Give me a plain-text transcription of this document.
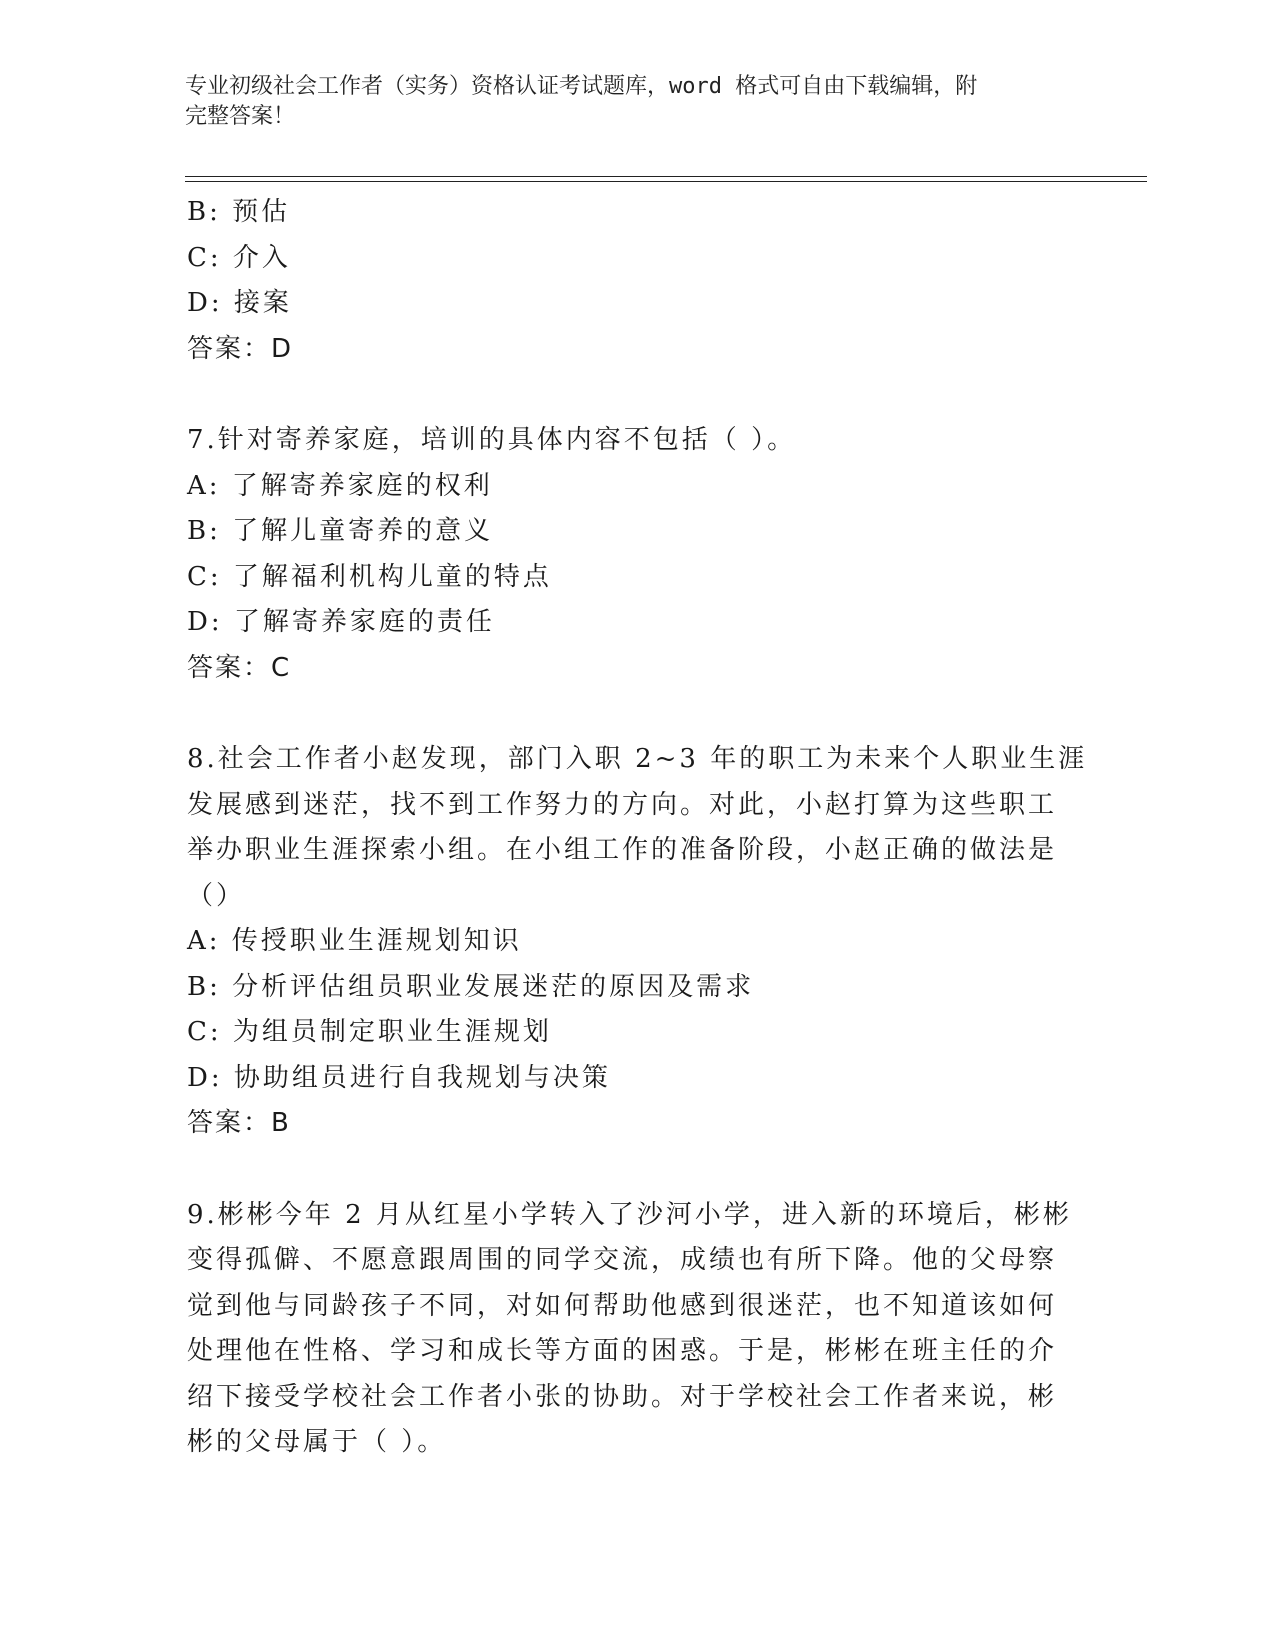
专业初级社会工作者（实务）资格认证考试题库，word 格式可自由下载编辑，附
完整答案！
B: 预估
C: 介入
D: 接案
答案：D
7.针对寄养家庭，培训的具体内容不包括（ ）。
A: 了解寄养家庭的权利
B: 了解儿童寄养的意义
C: 了解福利机构儿童的特点
D: 了解寄养家庭的责任
答案：C
8.社会工作者小赵发现，部门入职 2~3 年的职工为未来个人职业生涯
发展感到迷茫，找不到工作努力的方向。对此，小赵打算为这些职工
举办职业生涯探索小组。在小组工作的准备阶段，小赵正确的做法是
（）
A: 传授职业生涯规划知识
B: 分析评估组员职业发展迷茫的原因及需求
C: 为组员制定职业生涯规划
D: 协助组员进行自我规划与决策
答案：B
9.彬彬今年 2 月从红星小学转入了沙河小学，进入新的环境后，彬彬
变得孤僻、不愿意跟周围的同学交流，成绩也有所下降。他的父母察
觉到他与同龄孩子不同，对如何帮助他感到很迷茫，也不知道该如何
处理他在性格、学习和成长等方面的困惑。于是，彬彬在班主任的介
绍下接受学校社会工作者小张的协助。对于学校社会工作者来说，彬
彬的父母属于（ ）。
